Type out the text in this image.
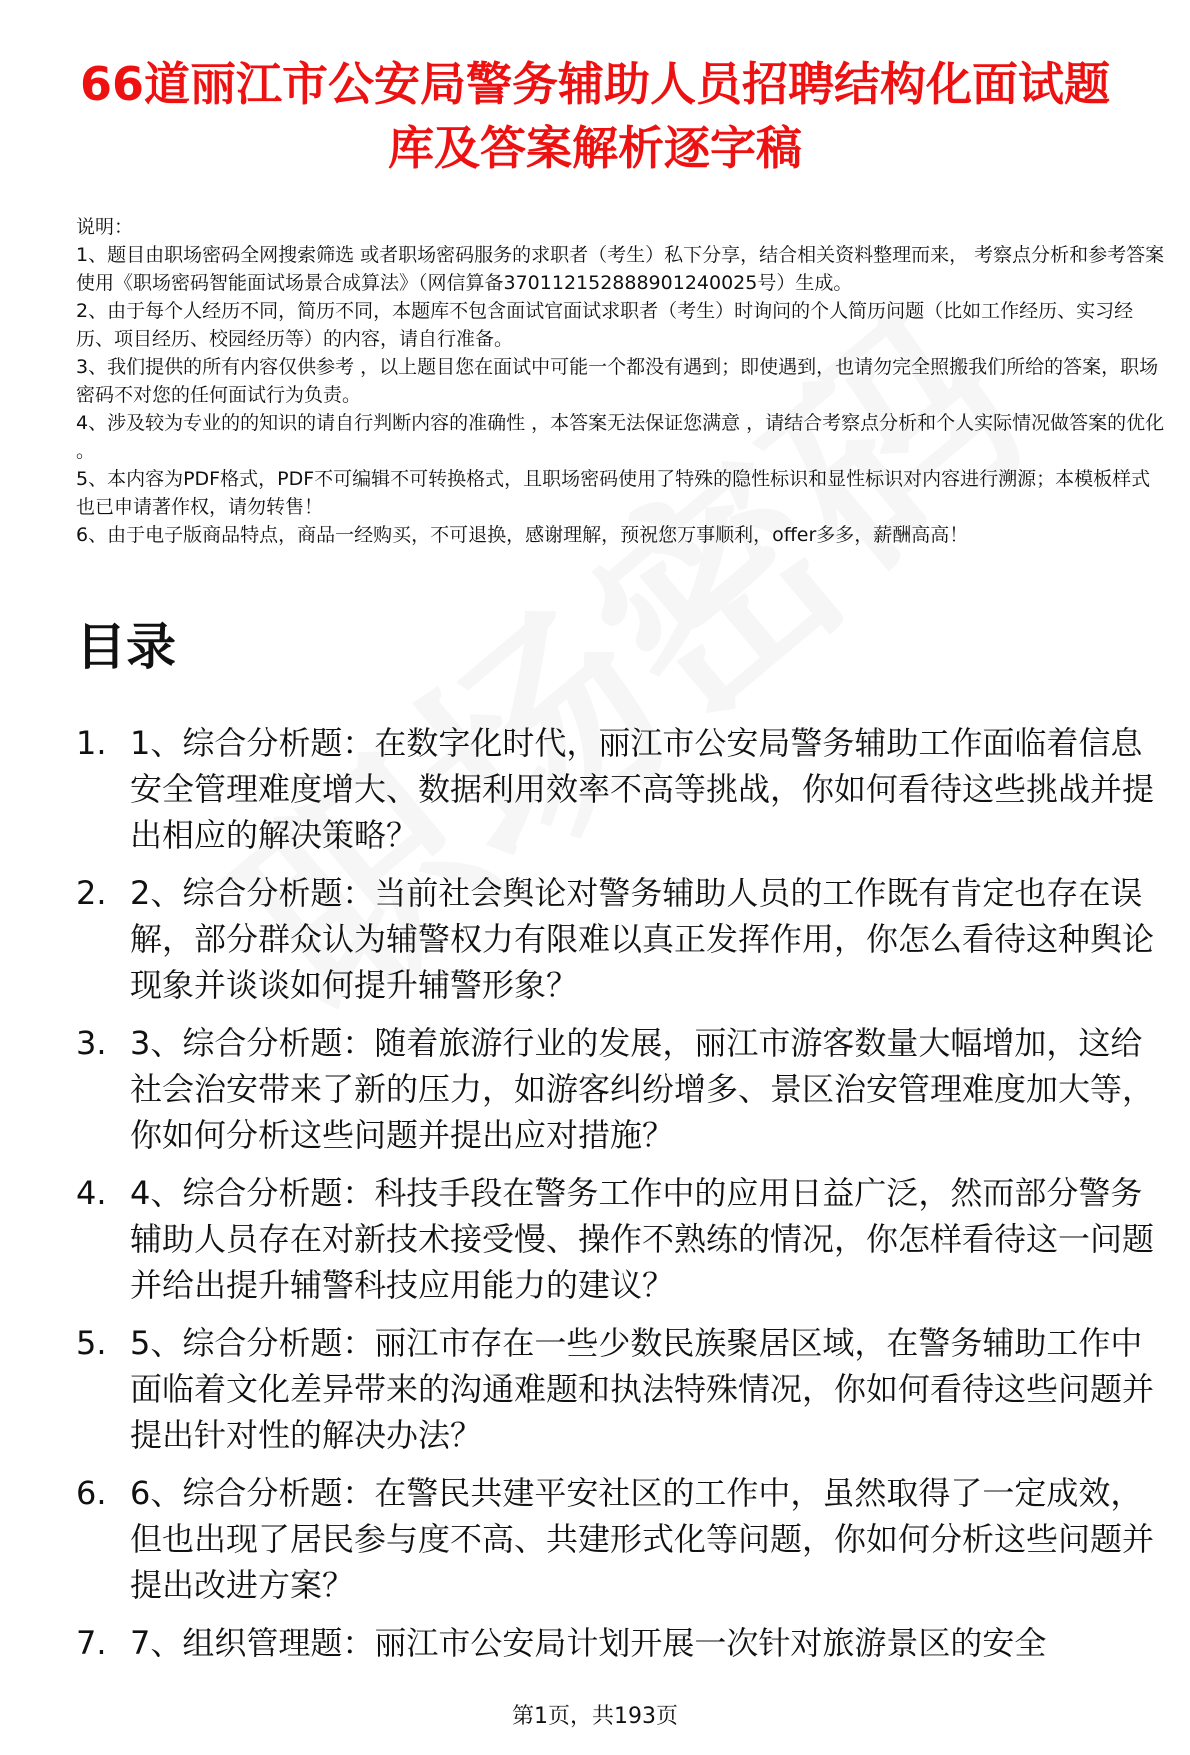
66道丽江市公安局警务辅助人员招聘结构化面试题库及答案解析逐字稿

说明：

1、题目由职场密码全网搜索筛选 或者职场密码服务的求职者（考生）私下分享，结合相关资料整理而来， 考察点分析和参考答案使用《职场密码智能面试场景合成算法》（网信算备370112152888901240025号）生成。

2、由于每个人经历不同，简历不同，本题库不包含面试官面试求职者（考生）时询问的个人简历问题（比如工作经历、实习经历、项目经历、校园经历等）的内容，请自行准备。

3、我们提供的所有内容仅供参考 ，以上题目您在面试中可能一个都没有遇到；即使遇到，也请勿完全照搬我们所给的答案，职场密码不对您的任何面试行为负责。

4、涉及较为专业的的知识的请自行判断内容的准确性 ，本答案无法保证您满意 ，请结合考察点分析和个人实际情况做答案的优化 。

5、本内容为PDF格式，PDF不可编辑不可转换格式，且职场密码使用了特殊的隐性标识和显性标识对内容进行溯源；本模板样式也已申请著作权，请勿转售！

6、由于电子版商品特点，商品一经购买，不可退换，感谢理解，预祝您万事顺利，offer多多，薪酬高高！

目录
1. 1、综合分析题：在数字化时代，丽江市公安局警务辅助工作面临着信息安全管理难度增大、数据利用效率不高等挑战，你如何看待这些挑战并提出相应的解决策略？
2. 2、综合分析题：当前社会舆论对警务辅助人员的工作既有肯定也存在误解，部分群众认为辅警权力有限难以真正发挥作用，你怎么看待这种舆论现象并谈谈如何提升辅警形象？
3. 3、综合分析题：随着旅游行业的发展，丽江市游客数量大幅增加，这给社会治安带来了新的压力，如游客纠纷增多、景区治安管理难度加大等，你如何分析这些问题并提出应对措施？
4. 4、综合分析题：科技手段在警务工作中的应用日益广泛，然而部分警务辅助人员存在对新技术接受慢、操作不熟练的情况，你怎样看待这一问题并给出提升辅警科技应用能力的建议？
5. 5、综合分析题：丽江市存在一些少数民族聚居区域，在警务辅助工作中面临着文化差异带来的沟通难题和执法特殊情况，你如何看待这些问题并提出针对性的解决办法？
6. 6、综合分析题：在警民共建平安社区的工作中，虽然取得了一定成效，但也出现了居民参与度不高、共建形式化等问题，你如何分析这些问题并提出改进方案？
7. 7、组织管理题：丽江市公安局计划开展一次针对旅游景区的安全
第1页，共193页
